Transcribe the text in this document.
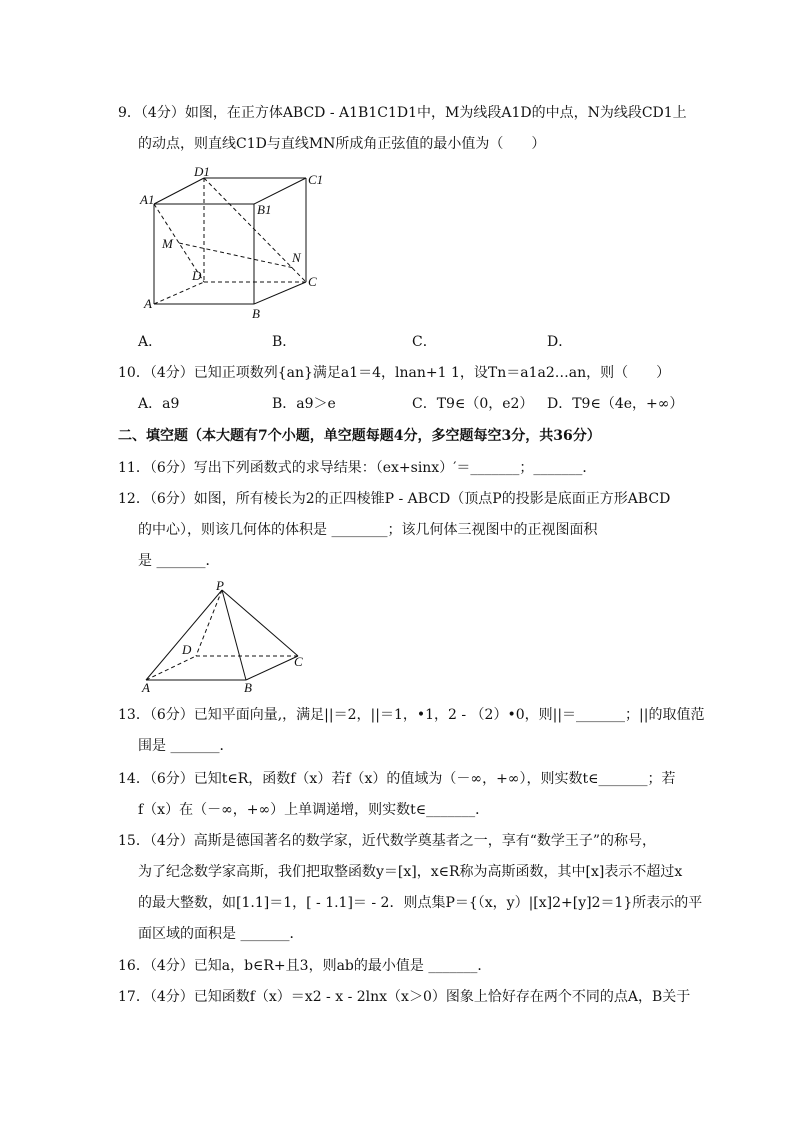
9．（4分）如图，在正方体ABCD - A1B1C1D1中，M为线段A1D的中点，N为线段CD1上
的动点，则直线C1D与直线MN所成角正弦值的最小值为（　　）
D1
C1
A1
B1
M
N
D	C
A
B
A．	B．	C．	D．
10．（4分）已知正项数列{an}满足a1＝4，lnan+1 1，设Tn＝a1a2…an，则（　　）
A．a9	B．a9＞e	C．T9∈（0，e2） D．T9∈（4e，+∞）
二、填空题（本大题有7个小题，单空题每题4分，多空题每空3分，共36分）
11．（6分）写出下列函数式的求导结果：（ex+sinx）′＝_______；_______．
12．（6分）如图，所有棱长为2的正四棱锥P - ABCD（顶点P的投影是底面正方形ABCD
的中心），则该几何体的体积是 ________；该几何体三视图中的正视图面积
是 _______．
P
D
C
A	B
13．（6分）已知平面向量,，满足||＝2，||＝1，•1，2 - （2）•0，则||＝_______；||的取值范
围是 _______．
14．（6分）已知t∈R，函数f（x）若f（x）的值域为（－∞，+∞），则实数t∈_______；若
f（x）在（－∞，+∞）上单调递增，则实数t∈_______．
15．（4分）高斯是德国著名的数学家，近代数学奠基者之一，享有“数学王子”的称号，
为了纪念数学家高斯，我们把取整函数y＝[x]，x∈R称为高斯函数，其中[x]表示不超过x
的最大整数，如[1.1]＝1，[ - 1.1]＝ - 2．则点集P＝{（x，y）|[x]2+[y]2＝1}所表示的平
面区域的面积是 _______．
16．（4分）已知a，b∈R+且3，则ab的最小值是 _______．
17．（4分）已知函数f（x）＝x2 - x - 2lnx（x＞0）图象上恰好存在两个不同的点A，B关于
